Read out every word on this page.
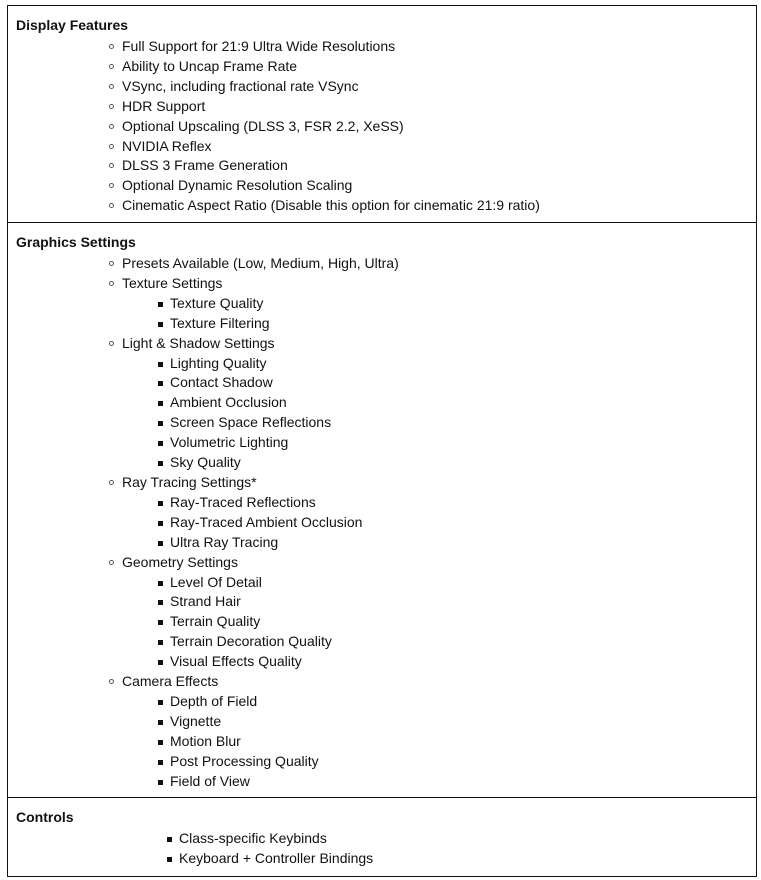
Display Features
Full Support for 21:9 Ultra Wide Resolutions
Ability to Uncap Frame Rate
VSync, including fractional rate VSync
HDR Support
Optional Upscaling (DLSS 3, FSR 2.2, XeSS)
NVIDIA Reflex
DLSS 3 Frame Generation
Optional Dynamic Resolution Scaling
Cinematic Aspect Ratio (Disable this option for cinematic 21:9 ratio)
Graphics Settings
Presets Available (Low, Medium, High, Ultra)
Texture Settings
Texture Quality
Texture Filtering
Light & Shadow Settings
Lighting Quality
Contact Shadow
Ambient Occlusion
Screen Space Reflections
Volumetric Lighting
Sky Quality
Ray Tracing Settings*
Ray-Traced Reflections
Ray-Traced Ambient Occlusion
Ultra Ray Tracing
Geometry Settings
Level Of Detail
Strand Hair
Terrain Quality
Terrain Decoration Quality
Visual Effects Quality
Camera Effects
Depth of Field
Vignette
Motion Blur
Post Processing Quality
Field of View
Controls
Class-specific Keybinds
Keyboard + Controller Bindings
